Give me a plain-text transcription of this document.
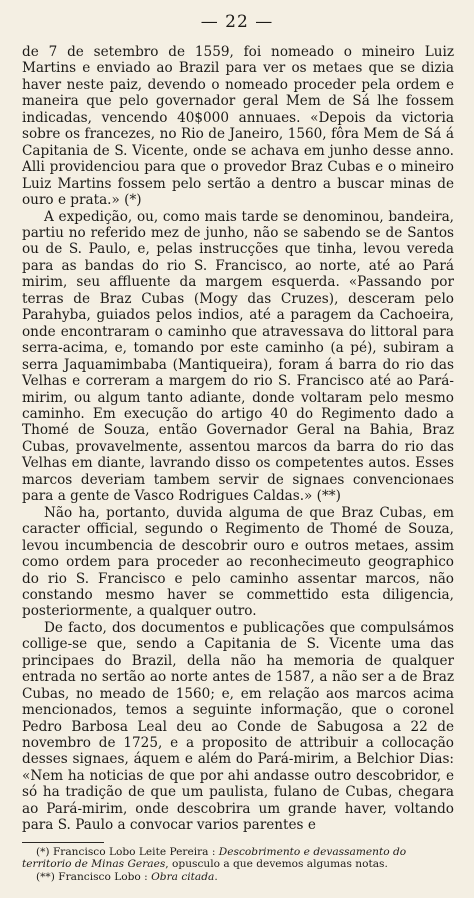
— 22 —

de 7 de setembro de 1559, foi nomeado o mineiro Luiz Martins e enviado ao Brazil para ver os metaes que se dizia haver neste paiz, devendo o nomeado proceder pela ordem e maneira que pelo governador geral Mem de Sá lhe fossem indicadas, vencendo 40$000 annuaes. «Depois da victoria sobre os francezes, no Rio de Janeiro, 1560, fôra Mem de Sá á Capitania de S. Vicente, onde se achava em junho desse anno. Alli providenciou para que o provedor Braz Cubas e o mineiro Luiz Martins fossem pelo sertão a dentro a buscar minas de ouro e prata.» (*)

A expedição, ou, como mais tarde se denominou, bandeira, partiu no referido mez de junho, não se sabendo se de Santos ou de S. Paulo, e, pelas instrucções que tinha, levou vereda para as bandas do rio S. Francisco, ao norte, até ao Pará mirim, seu affluente da margem esquerda. «Passando por terras de Braz Cubas (Mogy das Cruzes), desceram pelo Parahyba, guiados pelos indios, até a paragem da Cachoeira, onde encontraram o caminho que atravessava do littoral para serra-acima, e, tomando por este caminho (a pé), subiram a serra Jaquamimbaba (Mantiqueira), foram á barra do rio das Velhas e correram a margem do rio S. Francisco até ao Pará-mirim, ou algum tanto adiante, donde voltaram pelo mesmo caminho. Em execução do artigo 40 do Regimento dado a Thomé de Souza, então Governador Geral na Bahia, Braz Cubas, provavelmente, assentou marcos da barra do rio das Velhas em diante, lavrando disso os competentes autos. Esses marcos deveriam tambem servir de signaes convencionaes para a gente de Vasco Rodrigues Caldas.» (**)

Não ha, portanto, duvida alguma de que Braz Cubas, em caracter official, segundo o Regimento de Thomé de Souza, levou incumbencia de descobrir ouro e outros metaes, assim como ordem para proceder ao reconhecimeuto geographico do rio S. Francisco e pelo caminho assentar marcos, não constando mesmo haver se commettido esta diligencia, posteriormente, a qualquer outro.

De facto, dos documentos e publicações que compulsámos collige-se que, sendo a Capitania de S. Vicente uma das principaes do Brazil, della não ha memoria de qualquer entrada no sertão ao norte antes de 1587, a não ser a de Braz Cubas, no meado de 1560; e, em relação aos marcos acima mencionados, temos a seguinte informação, que o coronel Pedro Barbosa Leal deu ao Conde de Sabugosa a 22 de novembro de 1725, e a proposito de attribuir a collocação desses signaes, áquem e além do Pará-mirim, a Belchior Dias: «Nem ha noticias de que por ahi andasse outro descobridor, e só ha tradição de que um paulista, fulano de Cubas, chegara ao Pará-mirim, onde descobrira um grande haver, voltando para S. Paulo a convocar varios parentes e

(*) Francisco Lobo Leite Pereira : Descobrimento e devassamento do territorio de Minas Geraes, opusculo a que devemos algumas notas.

(**) Francisco Lobo : Obra citada.
